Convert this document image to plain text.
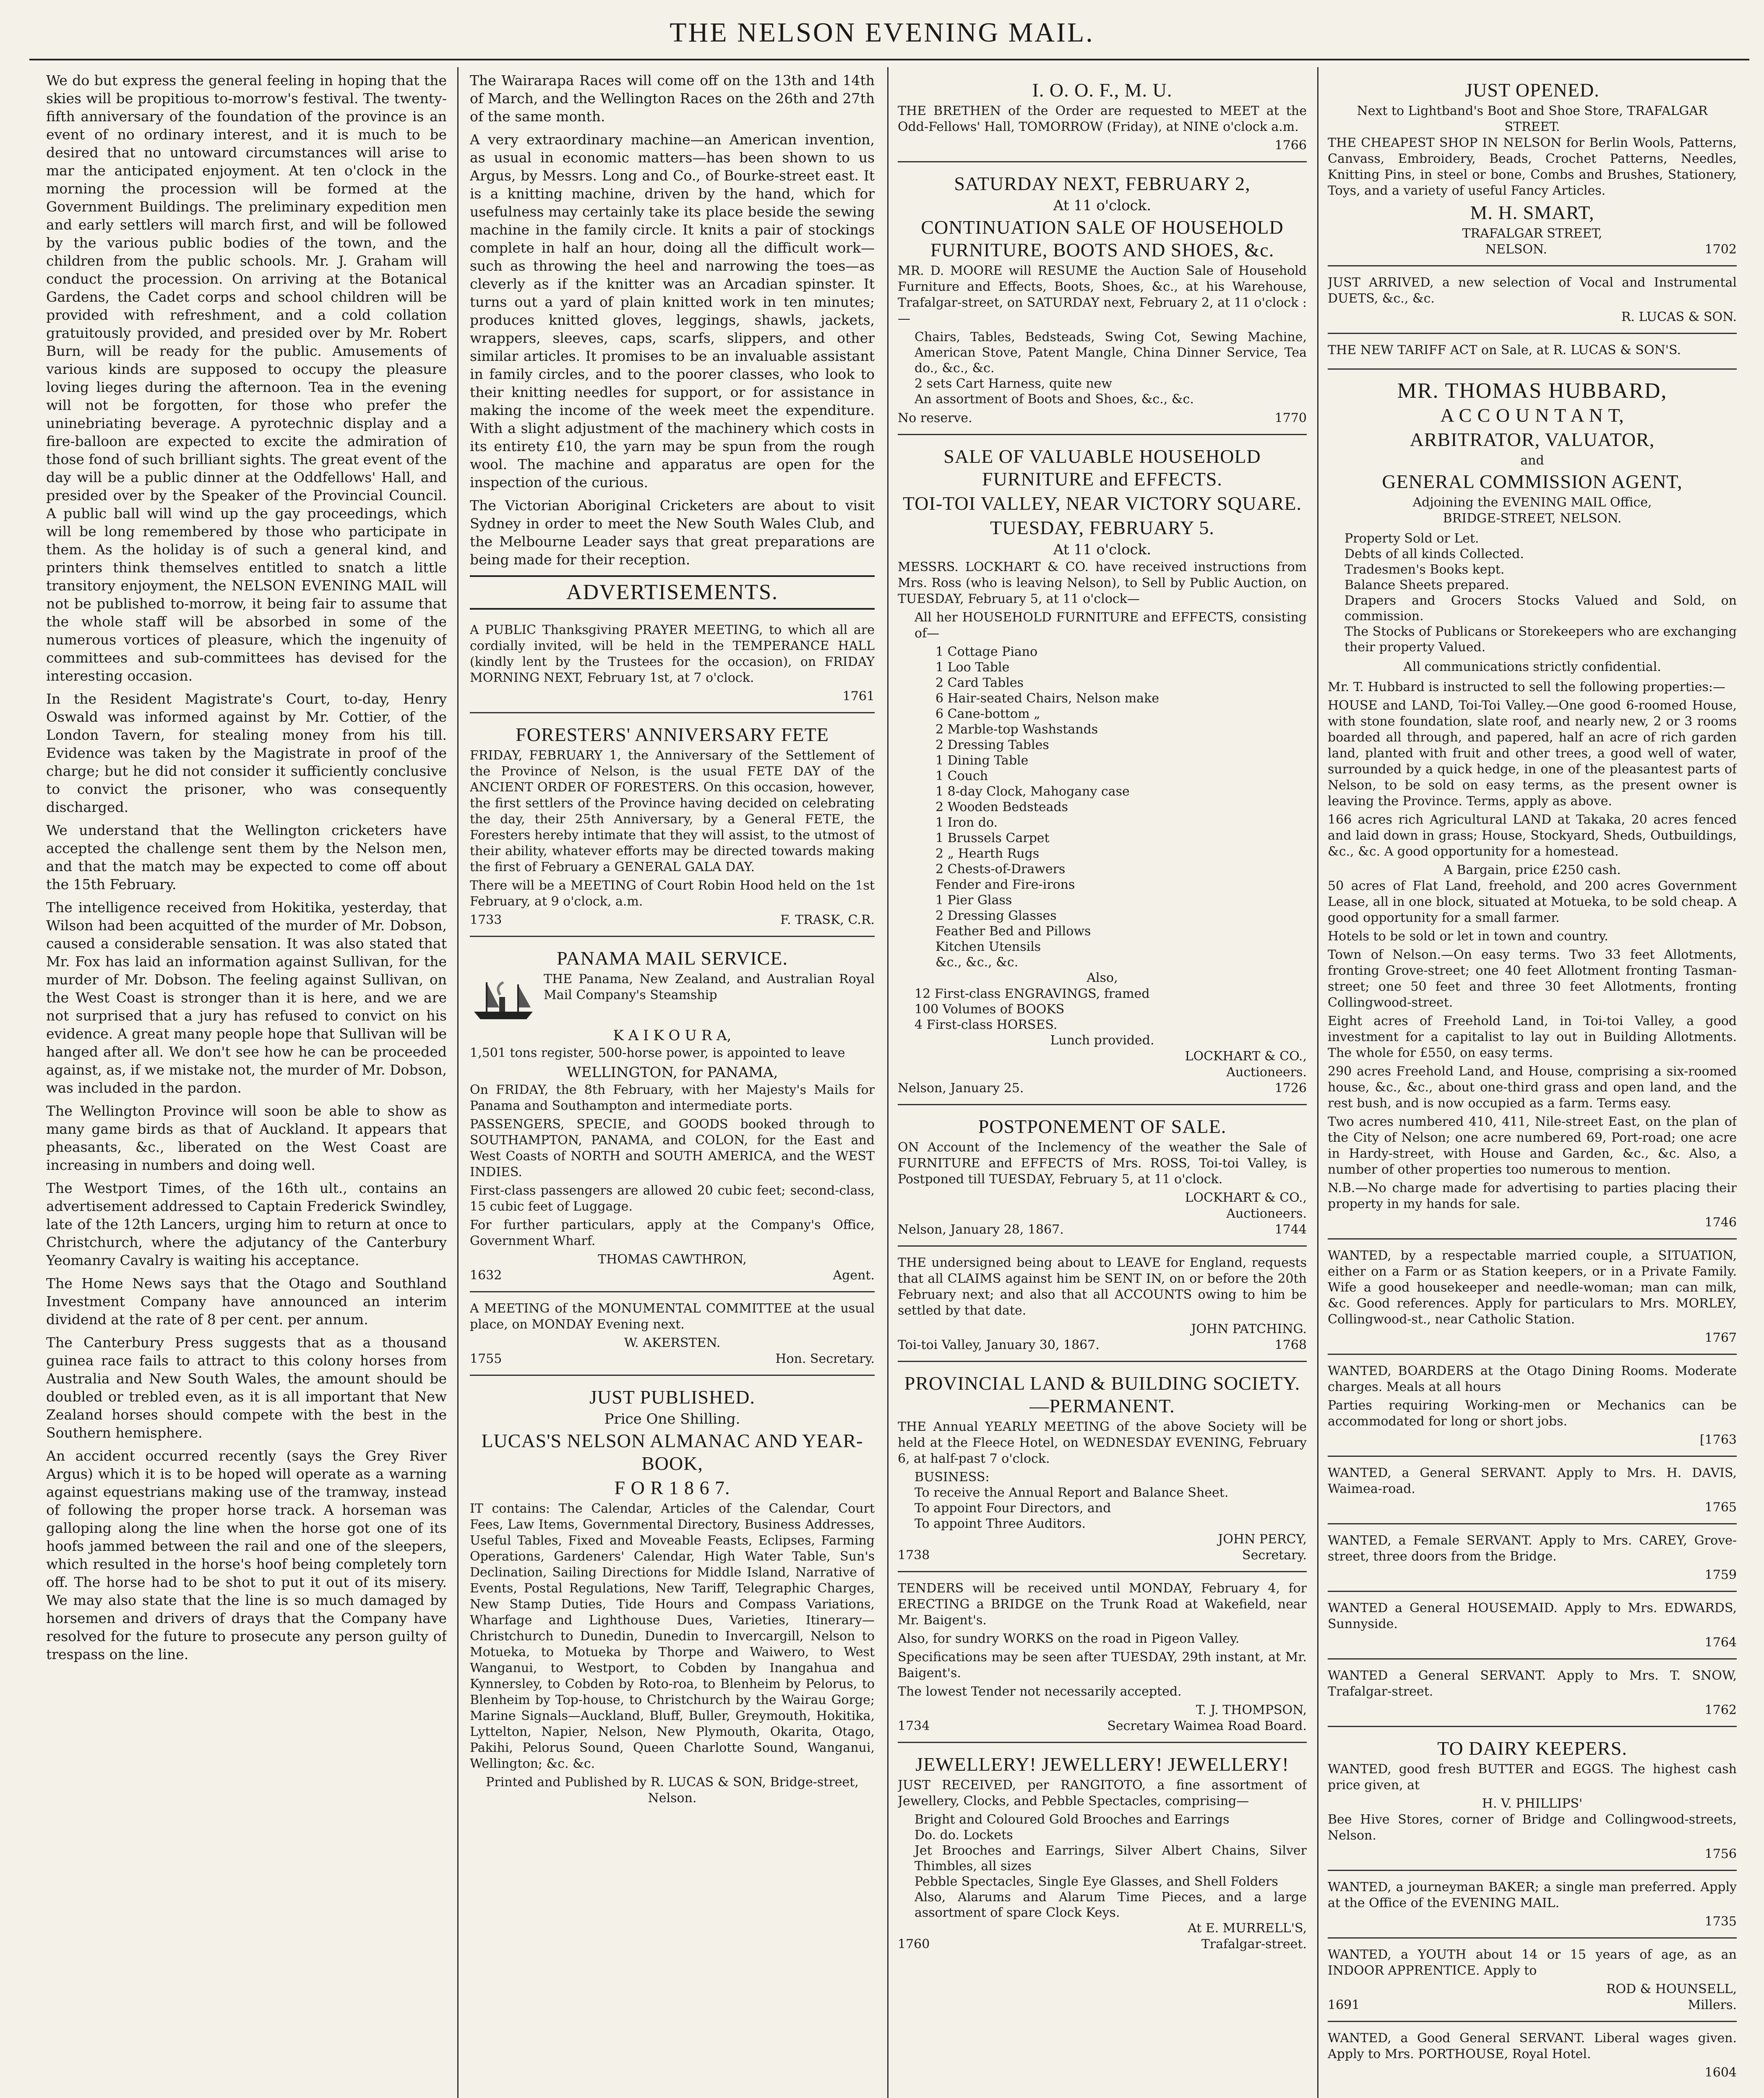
THE NELSON EVENING MAIL.

We do but express the general feeling in hoping that the skies will be propitious to-morrow's festival. The twenty-fifth anniversary of the foundation of the province is an event of no ordinary interest, and it is much to be desired that no untoward circumstances will arise to mar the anticipated enjoyment. At ten o'clock in the morning the procession will be formed at the Government Buildings. The preliminary expedition men and early settlers will march first, and will be followed by the various public bodies of the town, and the children from the public schools. Mr. J. Graham will conduct the procession. On arriving at the Botanical Gardens, the Cadet corps and school children will be provided with refreshment, and a cold collation gratuitously provided, and presided over by Mr. Robert Burn, will be ready for the public. Amusements of various kinds are supposed to occupy the pleasure loving lieges during the afternoon. Tea in the evening will not be forgotten, for those who prefer the uninebriating beverage. A pyrotechnic display and a fire-balloon are expected to excite the admiration of those fond of such brilliant sights. The great event of the day will be a public dinner at the Oddfellows' Hall, and presided over by the Speaker of the Provincial Council. A public ball will wind up the gay proceedings, which will be long remembered by those who participate in them. As the holiday is of such a general kind, and printers think themselves entitled to snatch a little transitory enjoyment, the NELSON EVENING MAIL will not be published to-morrow, it being fair to assume that the whole staff will be absorbed in some of the numerous vortices of pleasure, which the ingenuity of committees and sub-committees has devised for the interesting occasion.

In the Resident Magistrate's Court, to-day, Henry Oswald was informed against by Mr. Cottier, of the London Tavern, for stealing money from his till. Evidence was taken by the Magistrate in proof of the charge; but he did not consider it sufficiently conclusive to convict the prisoner, who was consequently discharged.

We understand that the Wellington cricketers have accepted the challenge sent them by the Nelson men, and that the match may be expected to come off about the 15th February.

The intelligence received from Hokitika, yesterday, that Wilson had been acquitted of the murder of Mr. Dobson, caused a considerable sensation. It was also stated that Mr. Fox has laid an information against Sullivan, for the murder of Mr. Dobson. The feeling against Sullivan, on the West Coast is stronger than it is here, and we are not surprised that a jury has refused to convict on his evidence. A great many people hope that Sullivan will be hanged after all. We don't see how he can be proceeded against, as, if we mistake not, the murder of Mr. Dobson, was included in the pardon.

The Wellington Province will soon be able to show as many game birds as that of Auckland. It appears that pheasants, &c., liberated on the West Coast are increasing in numbers and doing well.

The Westport Times, of the 16th ult., contains an advertisement addressed to Captain Frederick Swindley, late of the 12th Lancers, urging him to return at once to Christchurch, where the adjutancy of the Canterbury Yeomanry Cavalry is waiting his acceptance.

The Home News says that the Otago and Southland Investment Company have announced an interim dividend at the rate of 8 per cent. per annum.

The Canterbury Press suggests that as a thousand guinea race fails to attract to this colony horses from Australia and New South Wales, the amount should be doubled or trebled even, as it is all important that New Zealand horses should compete with the best in the Southern hemisphere.

An accident occurred recently (says the Grey River Argus) which it is to be hoped will operate as a warning against equestrians making use of the tramway, instead of following the proper horse track. A horseman was galloping along the line when the horse got one of its hoofs jammed between the rail and one of the sleepers, which resulted in the horse's hoof being completely torn off. The horse had to be shot to put it out of its misery. We may also state that the line is so much damaged by horsemen and drivers of drays that the Company have resolved for the future to prosecute any person guilty of trespass on the line.

The Wairarapa Races will come off on the 13th and 14th of March, and the Wellington Races on the 26th and 27th of the same month.

A very extraordinary machine—an American invention, as usual in economic matters—has been shown to us Argus, by Messrs. Long and Co., of Bourke-street east. It is a knitting machine, driven by the hand, which for usefulness may certainly take its place beside the sewing machine in the family circle. It knits a pair of stockings complete in half an hour, doing all the difficult work—such as throwing the heel and narrowing the toes—as cleverly as if the knitter was an Arcadian spinster. It turns out a yard of plain knitted work in ten minutes; produces knitted gloves, leggings, shawls, jackets, wrappers, sleeves, caps, scarfs, slippers, and other similar articles. It promises to be an invaluable assistant in family circles, and to the poorer classes, who look to their knitting needles for support, or for assistance in making the income of the week meet the expenditure. With a slight adjustment of the machinery which costs in its entirety £10, the yarn may be spun from the rough wool. The machine and apparatus are open for the inspection of the curious.

The Victorian Aboriginal Cricketers are about to visit Sydney in order to meet the New South Wales Club, and the Melbourne Leader says that great preparations are being made for their reception.

ADVERTISEMENTS.

A PUBLIC Thanksgiving PRAYER MEETING, to which all are cordially invited, will be held in the TEMPERANCE HALL (kindly lent by the Trustees for the occasion), on FRIDAY MORNING NEXT, February 1st, at 7 o'clock.

1761

FORESTERS' ANNIVERSARY FETE

FRIDAY, FEBRUARY 1, the Anniversary of the Settlement of the Province of Nelson, is the usual FETE DAY of the ANCIENT ORDER OF FORESTERS. On this occasion, however, the first settlers of the Province having decided on celebrating the day, their 25th Anniversary, by a General FETE, the Foresters hereby intimate that they will assist, to the utmost of their ability, whatever efforts may be directed towards making the first of February a GENERAL GALA DAY.

There will be a MEETING of Court Robin Hood held on the 1st February, at 9 o'clock, a.m.

1733	F. TRASK, C.R.
PANAMA MAIL SERVICE.

THE Panama, New Zealand, and Australian Royal Mail Company's Steamship

K A I K O U R A,

1,501 tons register, 500-horse power, is appointed to leave

WELLINGTON, for PANAMA,

On FRIDAY, the 8th February, with her Majesty's Mails for Panama and Southampton and intermediate ports.

PASSENGERS, SPECIE, and GOODS booked through to SOUTHAMPTON, PANAMA, and COLON, for the East and West Coasts of NORTH and SOUTH AMERICA, and the WEST INDIES.

First-class passengers are allowed 20 cubic feet; second-class, 15 cubic feet of Luggage.

For further particulars, apply at the Company's Office, Government Wharf.

THOMAS CAWTHRON,

1632	Agent.

A MEETING of the MONUMENTAL COMMITTEE at the usual place, on MONDAY Evening next.

W. AKERSTEN.

1755	Hon. Secretary.
JUST PUBLISHED.
Price One Shilling.
LUCAS'S NELSON ALMANAC AND YEAR-BOOK,
F O R 1 8 6 7.

IT contains: The Calendar, Articles of the Calendar, Court Fees, Law Items, Governmental Directory, Business Addresses, Useful Tables, Fixed and Moveable Feasts, Eclipses, Farming Operations, Gardeners' Calendar, High Water Table, Sun's Declination, Sailing Directions for Middle Island, Narrative of Events, Postal Regulations, New Tariff, Telegraphic Charges, New Stamp Duties, Tide Hours and Compass Variations, Wharfage and Lighthouse Dues, Varieties, Itinerary—Christchurch to Dunedin, Dunedin to Invercargill, Nelson to Motueka, to Motueka by Thorpe and Waiwero, to West Wanganui, to Westport, to Cobden by Inangahua and Kynnersley, to Cobden by Roto-roa, to Blenheim by Pelorus, to Blenheim by Top-house, to Christchurch by the Wairau Gorge; Marine Signals—Auckland, Bluff, Buller, Greymouth, Hokitika, Lyttelton, Napier, Nelson, New Plymouth, Okarita, Otago, Pakihi, Pelorus Sound, Queen Charlotte Sound, Wanganui, Wellington; &c. &c.

Printed and Published by R. LUCAS & SON, Bridge-street, Nelson.

I. O. O. F., M. U.

THE BRETHEN of the Order are requested to MEET at the Odd-Fellows' Hall, TOMORROW (Friday), at NINE o'clock a.m.

1766

SATURDAY NEXT, FEBRUARY 2,
At 11 o'clock.
CONTINUATION SALE OF HOUSEHOLD FURNITURE, BOOTS AND SHOES, &c.

MR. D. MOORE will RESUME the Auction Sale of Household Furniture and Effects, Boots, Shoes, &c., at his Warehouse, Trafalgar-street, on SATURDAY next, February 2, at 11 o'clock :—

Chairs, Tables, Bedsteads, Swing Cot, Sewing Machine, American Stove, Patent Mangle, China Dinner Service, Tea do., &c., &c.

2 sets Cart Harness, quite new

An assortment of Boots and Shoes, &c., &c.

No reserve.	1770
SALE OF VALUABLE HOUSEHOLD FURNITURE and EFFECTS.
TOI-TOI VALLEY, NEAR VICTORY SQUARE.
TUESDAY, FEBRUARY 5.
At 11 o'clock.

MESSRS. LOCKHART & CO. have received instructions from Mrs. Ross (who is leaving Nelson), to Sell by Public Auction, on TUESDAY, February 5, at 11 o'clock—

All her HOUSEHOLD FURNITURE and EFFECTS, consisting of—

1 Cottage Piano

1 Loo Table

2 Card Tables

6 Hair-seated Chairs, Nelson make

6 Cane-bottom „

2 Marble-top Washstands

2 Dressing Tables

1 Dining Table

1 Couch

1 8-day Clock, Mahogany case

2 Wooden Bedsteads

1 Iron do.

1 Brussels Carpet

2 „ Hearth Rugs

2 Chests-of-Drawers

Fender and Fire-irons

1 Pier Glass

2 Dressing Glasses

Feather Bed and Pillows

Kitchen Utensils

&c., &c., &c.

Also,

12 First-class ENGRAVINGS, framed

100 Volumes of BOOKS

4 First-class HORSES.

Lunch provided.

LOCKHART & CO.,

Auctioneers.

Nelson, January 25.	1726
POSTPONEMENT OF SALE.

ON Account of the Inclemency of the weather the Sale of FURNITURE and EFFECTS of Mrs. ROSS, Toi-toi Valley, is Postponed till TUESDAY, February 5, at 11 o'clock.

LOCKHART & CO.,

Auctioneers.

Nelson, January 28, 1867.	1744

THE undersigned being about to LEAVE for England, requests that all CLAIMS against him be SENT IN, on or before the 20th February next; and also that all ACCOUNTS owing to him be settled by that date.

JOHN PATCHING.

Toi-toi Valley, January 30, 1867.	1768
PROVINCIAL LAND & BUILDING SOCIETY.—PERMANENT.

THE Annual YEARLY MEETING of the above Society will be held at the Fleece Hotel, on WEDNESDAY EVENING, February 6, at half-past 7 o'clock.

BUSINESS:

To receive the Annual Report and Balance Sheet.

To appoint Four Directors, and

To appoint Three Auditors.

JOHN PERCY,

1738	Secretary.

TENDERS will be received until MONDAY, February 4, for ERECTING a BRIDGE on the Trunk Road at Wakefield, near Mr. Baigent's.

Also, for sundry WORKS on the road in Pigeon Valley.

Specifications may be seen after TUESDAY, 29th instant, at Mr. Baigent's.

The lowest Tender not necessarily accepted.

T. J. THOMPSON,

1734	Secretary Waimea Road Board.
JEWELLERY! JEWELLERY! JEWELLERY!

JUST RECEIVED, per RANGITOTO, a fine assortment of Jewellery, Clocks, and Pebble Spectacles, comprising—

Bright and Coloured Gold Brooches and Earrings

Do. do. Lockets

Jet Brooches and Earrings, Silver Albert Chains, Silver Thimbles, all sizes

Pebble Spectacles, Single Eye Glasses, and Shell Folders

Also, Alarums and Alarum Time Pieces, and a large assortment of spare Clock Keys.

At E. MURRELL'S,

1760	Trafalgar-street.
JUST OPENED.

Next to Lightband's Boot and Shoe Store, TRAFALGAR STREET.

THE CHEAPEST SHOP IN NELSON for Berlin Wools, Patterns, Canvass, Embroidery, Beads, Crochet Patterns, Needles, Knitting Pins, in steel or bone, Combs and Brushes, Stationery, Toys, and a variety of useful Fancy Articles.

M. H. SMART,

TRAFALGAR STREET,

NELSON.	1702

JUST ARRIVED, a new selection of Vocal and Instrumental DUETS, &c., &c.

R. LUCAS & SON.

THE NEW TARIFF ACT on Sale, at R. LUCAS & SON'S.

MR. THOMAS HUBBARD,
A C C O U N T A N T,
ARBITRATOR, VALUATOR,

and

GENERAL COMMISSION AGENT,

Adjoining the EVENING MAIL Office,

BRIDGE-STREET, NELSON.

Property Sold or Let.

Debts of all kinds Collected.

Tradesmen's Books kept.

Balance Sheets prepared.

Drapers and Grocers Stocks Valued and Sold, on commission.

The Stocks of Publicans or Storekeepers who are exchanging their property Valued.

All communications strictly confidential.

Mr. T. Hubbard is instructed to sell the following properties:—

HOUSE and LAND, Toi-Toi Valley.—One good 6-roomed House, with stone foundation, slate roof, and nearly new, 2 or 3 rooms boarded all through, and papered, half an acre of rich garden land, planted with fruit and other trees, a good well of water, surrounded by a quick hedge, in one of the pleasantest parts of Nelson, to be sold on easy terms, as the present owner is leaving the Province. Terms, apply as above.

166 acres rich Agricultural LAND at Takaka, 20 acres fenced and laid down in grass; House, Stockyard, Sheds, Outbuildings, &c., &c. A good opportunity for a homestead.

A Bargain, price £250 cash.

50 acres of Flat Land, freehold, and 200 acres Government Lease, all in one block, situated at Motueka, to be sold cheap. A good opportunity for a small farmer.

Hotels to be sold or let in town and country.

Town of Nelson.—On easy terms. Two 33 feet Allotments, fronting Grove-street; one 40 feet Allotment fronting Tasman-street; one 50 feet and three 30 feet Allotments, fronting Collingwood-street.

Eight acres of Freehold Land, in Toi-toi Valley, a good investment for a capitalist to lay out in Building Allotments. The whole for £550, on easy terms.

290 acres Freehold Land, and House, comprising a six-roomed house, &c., &c., about one-third grass and open land, and the rest bush, and is now occupied as a farm. Terms easy.

Two acres numbered 410, 411, Nile-street East, on the plan of the City of Nelson; one acre numbered 69, Port-road; one acre in Hardy-street, with House and Garden, &c., &c. Also, a number of other properties too numerous to mention.

N.B.—No charge made for advertising to parties placing their property in my hands for sale.

1746

WANTED, by a respectable married couple, a SITUATION, either on a Farm or as Station keepers, or in a Private Family. Wife a good housekeeper and needle-woman; man can milk, &c. Good references. Apply for particulars to Mrs. MORLEY, Collingwood-st., near Catholic Station.

1767

WANTED, BOARDERS at the Otago Dining Rooms. Moderate charges. Meals at all hours

Parties requiring Working-men or Mechanics can be accommodated for long or short jobs.

[1763

WANTED, a General SERVANT. Apply to Mrs. H. DAVIS, Waimea-road.

1765

WANTED, a Female SERVANT. Apply to Mrs. CAREY, Grove-street, three doors from the Bridge.

1759

WANTED a General HOUSEMAID. Apply to Mrs. EDWARDS, Sunnyside.

1764

WANTED a General SERVANT. Apply to Mrs. T. SNOW, Trafalgar-street.

1762

TO DAIRY KEEPERS.

WANTED, good fresh BUTTER and EGGS. The highest cash price given, at

H. V. PHILLIPS'

Bee Hive Stores, corner of Bridge and Collingwood-streets, Nelson.

1756

WANTED, a journeyman BAKER; a single man preferred. Apply at the Office of the EVENING MAIL.

1735

WANTED, a YOUTH about 14 or 15 years of age, as an INDOOR APPRENTICE. Apply to

ROD & HOUNSELL,

1691	Millers.

WANTED, a Good General SERVANT. Liberal wages given. Apply to Mrs. PORTHOUSE, Royal Hotel.

1604
